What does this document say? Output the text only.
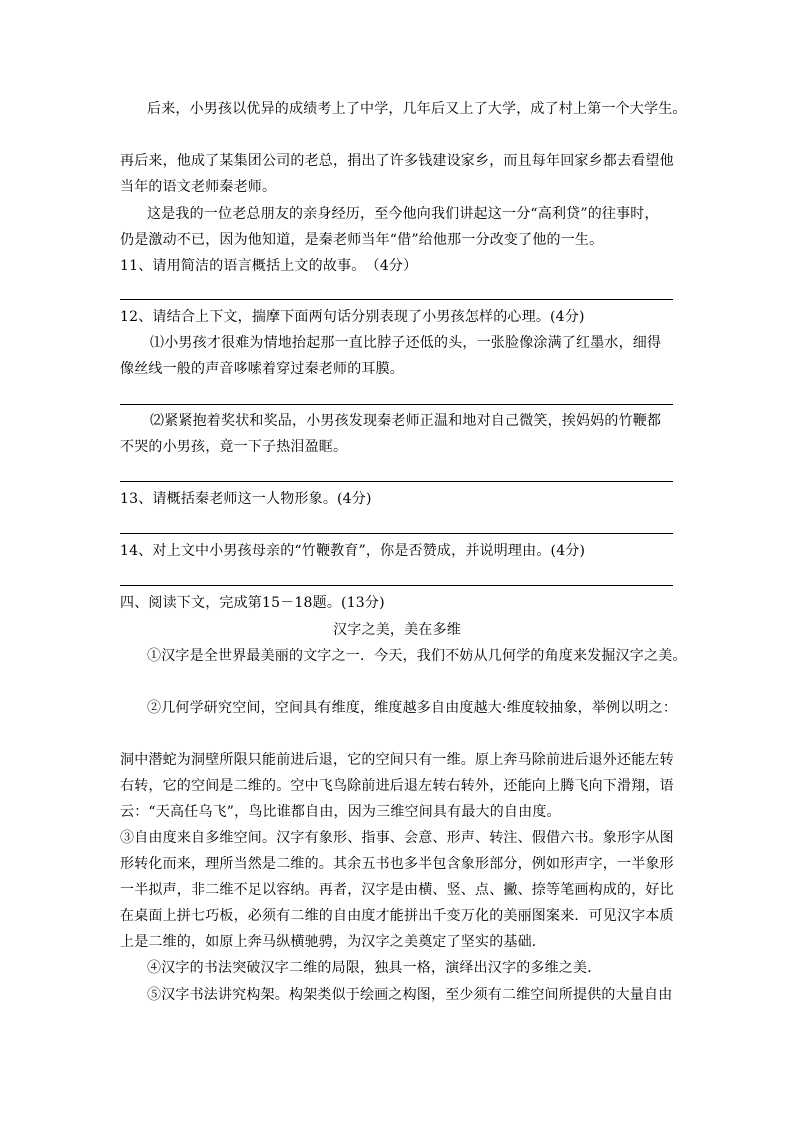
后来，小男孩以优异的成绩考上了中学，几年后又上了大学，成了村上第一个大学生。
再后来，他成了某集团公司的老总，捐出了许多钱建设家乡，而且每年回家乡都去看望他
当年的语文老师秦老师。
这是我的一位老总朋友的亲身经历，至今他向我们讲起这一分“高利贷”的往事时，
仍是激动不已，因为他知道，是秦老师当年“借”给他那一分改变了他的一生。
11、请用简洁的语言概括上文的故事。　（4分）
12、请结合上下文，揣摩下面两句话分别表现了小男孩怎样的心理。(4分)
⑴小男孩才很难为情地抬起那一直比脖子还低的头，一张脸像涂满了红墨水，细得
像丝线一般的声音哆嗦着穿过秦老师的耳膜。
⑵紧紧抱着奖状和奖品，小男孩发现秦老师正温和地对自己微笑，挨妈妈的竹鞭都
不哭的小男孩，竟一下子热泪盈眶。
13、请概括秦老师这一人物形象。(4分)
14、对上文中小男孩母亲的“竹鞭教育”，你是否赞成，并说明理由。(4分)
四、阅读下文，完成第15－18题。(13分)
汉字之美，美在多维
①汉字是全世界最美丽的文字之一．今天，我们不妨从几何学的角度来发掘汉字之美。
②几何学研究空间，空间具有维度，维度越多自由度越大·维度较抽象，举例以明之：
洞中潜蛇为洞壁所限只能前进后退，它的空间只有一维。原上奔马除前进后退外还能左转
右转，它的空间是二维的。空中飞鸟除前进后退左转右转外，还能向上腾飞向下滑翔，语
云：“天高任乌飞”，鸟比谁都自由，因为三维空间具有最大的自由度。
③自由度来自多维空间。汉字有象形、指事、会意、形声、转注、假借六书。象形字从图
形转化而来，理所当然是二维的。其余五书也多半包含象形部分，例如形声字，一半象形
一半拟声，非二维不足以容纳。再者，汉字是由横、竖、点、撇、捺等笔画构成的，好比
在桌面上拼七巧板，必须有二维的自由度才能拼出千变万化的美丽图案来．可见汉字本质
上是二维的，如原上奔马纵横驰骋，为汉字之美奠定了坚实的基础．
④汉字的书法突破汉字二维的局限，独具一格，演绎出汉字的多维之美．
⑤汉字书法讲究构架。构架类似于绘画之构图，至少须有二维空间所提供的大量自由
